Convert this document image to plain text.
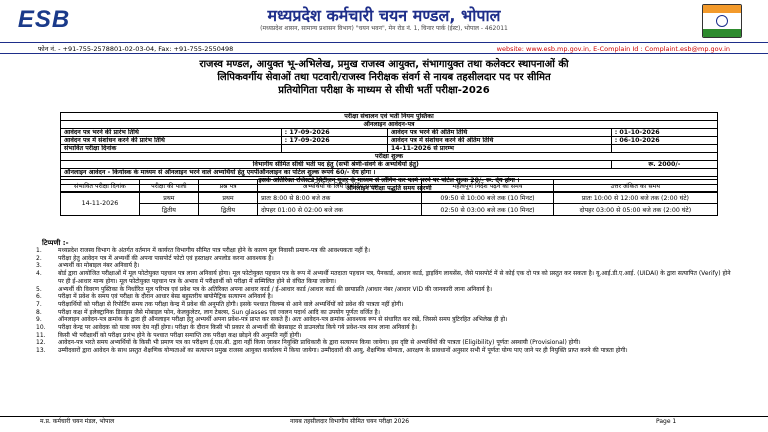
ESB	मध्यप्रदेश कर्मचारी चयन मण्डल, भोपाल
(मध्यप्रदेश शासन, सामान्य प्रशासन विभाग) "चयन भवन", मेन रोड नं. 1, चिनार पार्क (ईस्ट), भोपाल - 462011
फोन नं. - +91-755-2578801-02-03-04, Fax: +91-755-2550498	website: www.esb.mp.gov.in, E-Complain Id : Complaint.esb@mp.gov.in
राजस्व मण्डल, आयुक्त भू-अभिलेख, प्रमुख राजस्व आयुक्त, संभागायुक्त तथा कलेक्टर स्थापनाओं की
लिपिकवर्गीय सेवाओं तथा पटवारी/राजस्व निरीक्षक संवर्ग से नायब तहसीलदार पद पर सीमित
प्रतियोगिता परीक्षा के माध्यम से सीधी भर्ती परीक्षा-2026
परीक्षा संचालन एवं भर्ती नियम पुस्तिका			
ऑनलाइन आवेदन-पत्र			
आवेदन पत्र भरने की प्रारंभ तिथि	: 17-09-2026	आवेदन पत्र भरने की अंतिम तिथि	: 01-10-2026
आवेदन पत्र में संशोधन करने की प्रारंभ तिथि	: 17-09-2026	आवेदन पत्र में संशोधन करने की अंतिम तिथि	: 06-10-2026
संभावित परीक्षा दिनांक		14-11-2026 से प्रारम्भ	
परीक्षा शुल्क			
विभागीय सीमित सीधी भर्ती पद हेतु (सभी श्रेणी-संवर्ग के अभ्यर्थियों हेतु)			रू. 2000/-
ऑनलाइन आवेदन - कियोस्क के माध्यम से ऑनलाइन भरने वाले अभ्यर्थियों हेतु एमपीऑनलाइन का पोर्टल शुल्क रूपये 60/- देय होगा ।			
इसके अतिरिक्त रजिस्टर्ड सिटीजन यूजर के माध्यम से लॉगिन कर फार्म भरने पर पोर्टल शुल्क 20/- रू. देय होगा ।			
ऑनलाइन परीक्षा पद्धति समय सारणी			
संभावित परीक्षा दिनांक	परीक्षा की पाली	प्रश्न पत्र	अभ्यर्थियों के लिये रिपोर्टिंग समय	महत्वपूर्ण निर्देश पढ़ने का समय	उत्तर अंकित का समय
14-11-2026	प्रथम	प्रथम	प्रातः 8:00 से 8:00 बजे तक	09:50 से 10:00 बजे तक (10 मिनट)	प्रातः 10:00 से 12:00 बजे तक (2:00 घंटे)
	द्वितीय	द्वितीय	दोपहर 01:00 से 02:00 बजे तक	02:50 से 03:00 बजे तक (10 मिनट)	दोपहर 03:00 से 05:00 बजे तक (2:00 घंटे)
टिप्पणी :-
1.	मध्यप्रदेश राजस्व विभाग के अंतर्गत वर्तमान में कार्यरत विभागीय सीमित पात्र परीक्षा होने के कारण मूल निवासी प्रमाण-पत्र की आवश्यकता नहीं है।
2.	परीक्षा हेतु आवेदन पत्र में अभ्यर्थी की अपना पासपोर्ट फोटो एवं हस्ताक्षर अपलोड करना आवश्यक है।
3.	अभ्यर्थी का मोबाइल नंबर अनिवार्य है।
4.	बोर्ड द्वारा आयोजित परीक्षाओं में मूल फोटोयुक्त पहचान पत्र लाना अनिवार्य होगा। मूल फोटोयुक्त पहचान पत्र के रूप में अभ्यर्थी मतदाता पहचान पत्र, पैनकार्ड, आधार कार्ड, ड्राइविंग लायसेंस, जैसे पासपोर्ट में से कोई एक दो पत्र को प्रस्तुत कर सकता है। यू.आई.डी.ए.आई. (UIDAI) के द्वारा सत्यापित (Verify) होने पर ही ई-आधार मान्य होगा। मूल फोटोयुक्त पहचान पत्र के अभाव में परीक्षार्थी को परीक्षा में सम्मिलित होने से वंचित किया जावेगा।
5.	अभ्यर्थी की विवरण पुस्तिका के निर्धारित मूल परिपत्र एवं प्रवेश पत्र के अतिरिक्त अपना आधार कार्ड / ई-आधार कार्ड /आधार कार्ड की छायाप्रति /आधार नंबर /आधार VID की जानकारी लाना अनिवार्य है।
6.	परीक्षा में प्रवेश के समय एवं परीक्षा के दौरान आधार बेस्ड बहुस्तरीय बायोमैट्रिक सत्यापन अनिवार्य है।
7.	परीक्षार्थियों को परीक्षा से रिपोर्टिंग समय तक परीक्षा केन्द्र में प्रवेश की अनुमति होगी। इसके पश्चात विलम्ब से आने वाले अभ्यर्थियों को प्रवेश की पात्रता नहीं होगी।
8.	परीक्षा कक्ष में इलेक्ट्रानिक डिवाइस जैसे मोबाइल फोन, केलकुलेटर, लाग टेबल्स, Sun glasses एवं ज्वलन पदार्थ आदि का उपयोग पूर्णतः वर्जित है।
9.	ऑनलाइन आवेदन-पत्र क्रमांक के द्वारा ही ऑनलाइन परीक्षा हेतु अभ्यर्थी अपना प्रवेश-पत्र प्राप्त कर सकते हैं। अतः आवेदन-पत्र क्रमांक आवश्यक रूप से संधारित कर रखें, जिससे समय त्रुटिरहित अभिलेख ही हो।
10.	परीक्षा केन्द्र पर आवेदक को यात्रा व्यय देय नहीं होगा। परीक्षा के दौरान किसी भी प्रकार से अभ्यर्थी की बेवसाइट से डाउनलोड किये गये प्रवेश-पत्र साथ लाना अनिवार्य है।
11.	किसी भी परीक्षार्थी को परीक्षा प्रारंभ होने के पश्चात परीक्षा समाप्ति तक परीक्षा कक्ष छोड़ने की अनुमति नहीं होगी।
12.	आवेदन-पत्र भरते समय अभ्यर्थियों के किसी भी प्रमाण पत्र का परीक्षण ई.एस.बी. द्वारा नहीं किया जाकर नियुक्ति प्राधिकारी के द्वारा सत्यापन किया जायेगा। इस दृष्टि से अभ्यर्थियों की पात्रता (Eligibility) पूर्णतः अस्थायी (Provisional) होगी।
13.	उम्मीदवारों द्वारा आवेदन के साथ प्रस्तुत शैक्षणिक योग्यताओं का सत्यापन प्रमुख राजस्व आयुक्त कार्यालय में किया जायेगा। उम्मीदवारों की आयु, शैक्षणिक योग्यता, आरक्षण के प्रावधानों अनुसार सभी में पूर्णतः योग्य पाए जाने पर ही नियुक्ति प्राप्त करने की पात्रता होगी।
म.प्र. कर्मचारी चयन मंडल, भोपाल	नायब तहसीलदार विभागीय सीमित चयन परीक्षा 2026	Page 1
